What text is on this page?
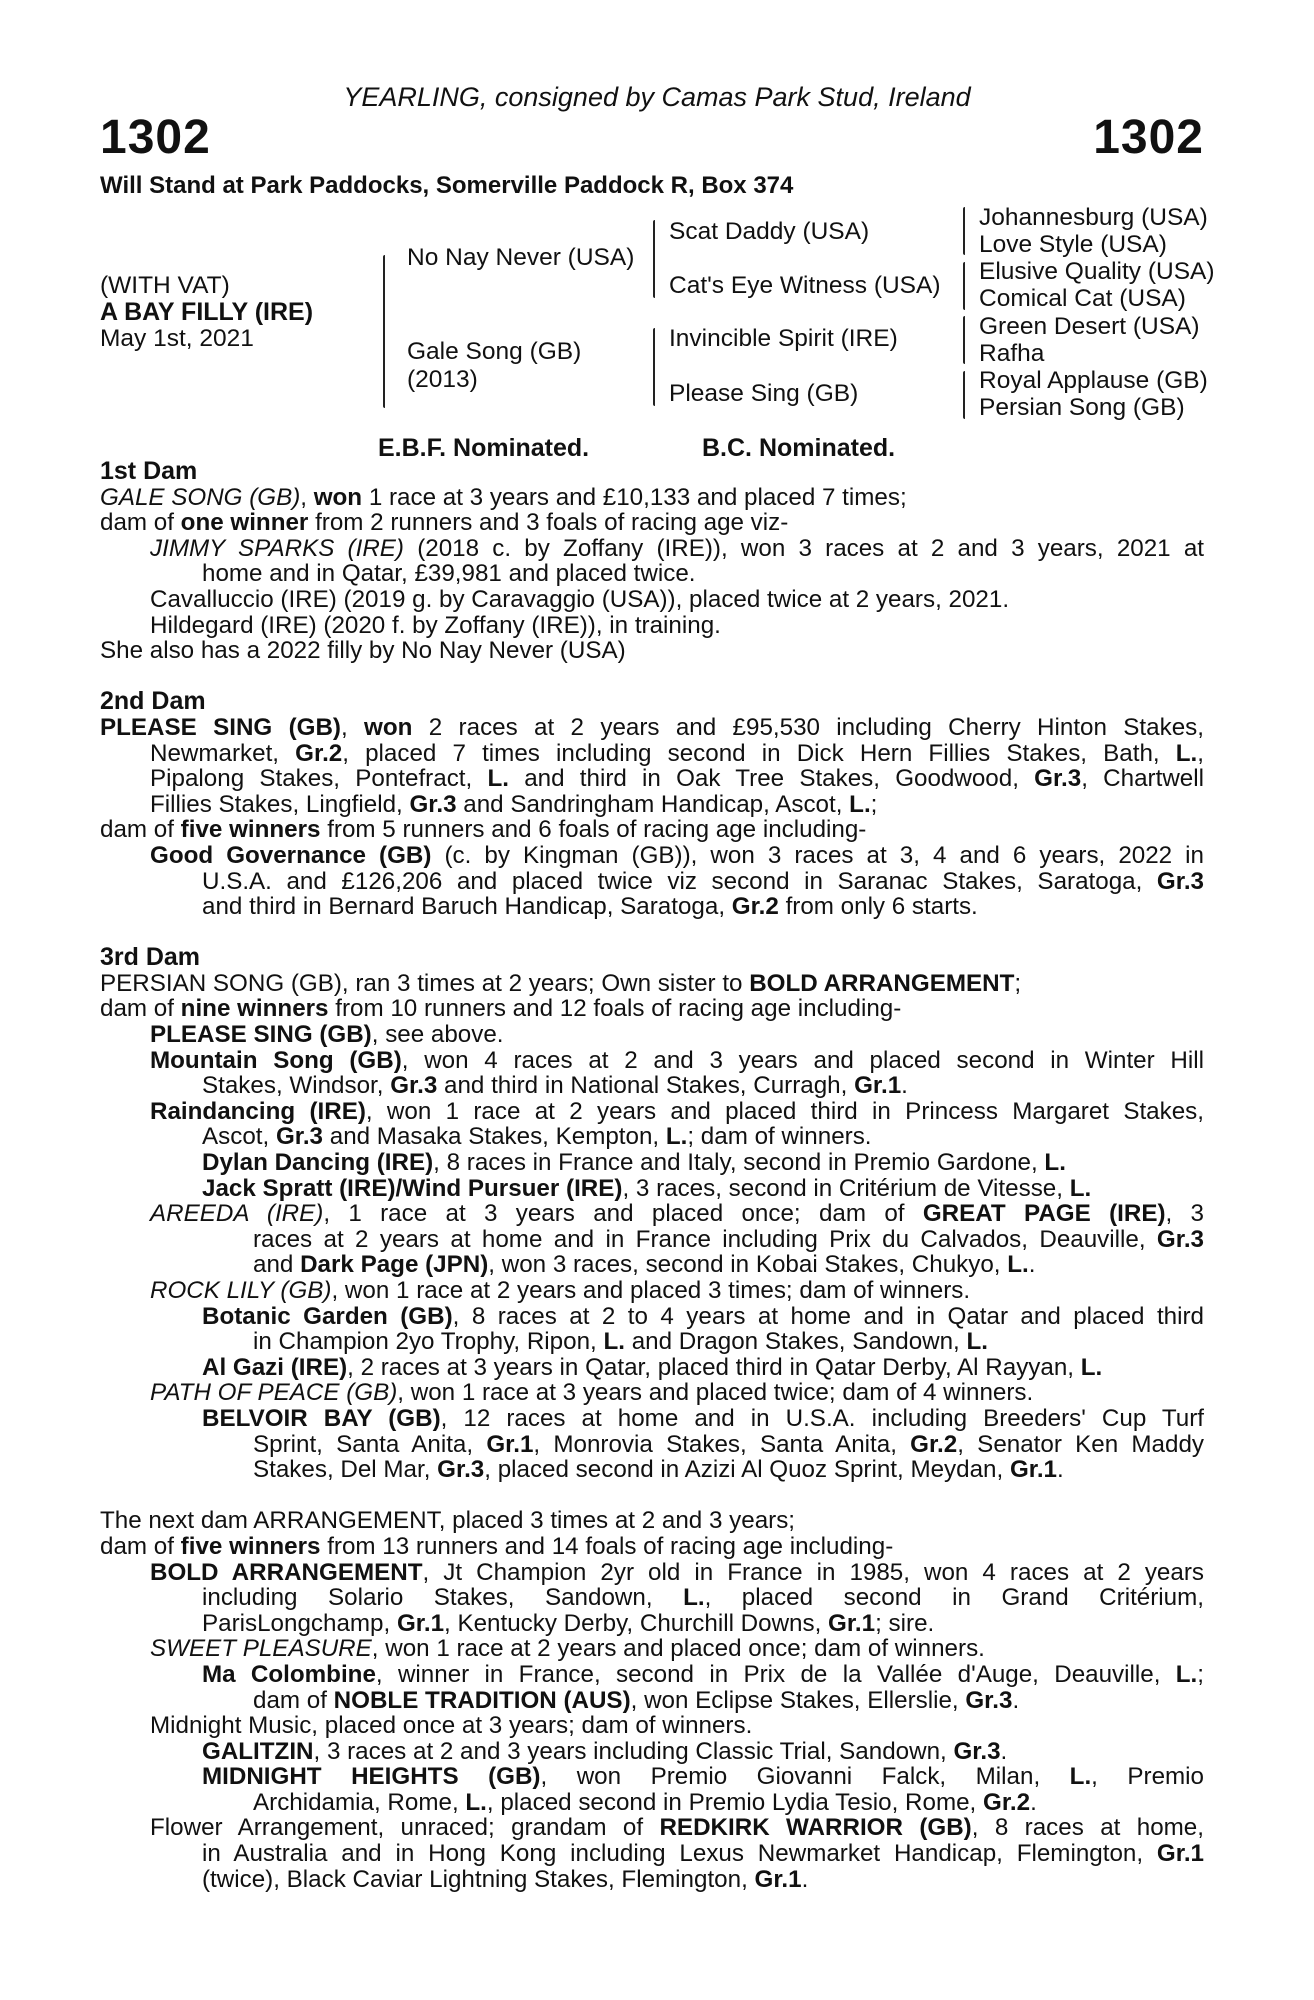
YEARLING, consigned by Camas Park Stud, Ireland
1302	1302
Will Stand at Park Paddocks, Somerville Paddock R, Box 374
(WITH VAT)
A BAY FILLY (IRE)
May 1st, 2021
No Nay Never (USA)
Gale Song (GB)
(2013)
Scat Daddy (USA)
Cat's Eye Witness (USA)
Invincible Spirit (IRE)
Please Sing (GB)
Johannesburg (USA)
Love Style (USA)
Elusive Quality (USA)
Comical Cat (USA)
Green Desert (USA)
Rafha
Royal Applause (GB)
Persian Song (GB)
E.B.F. Nominated.	B.C. Nominated.
1st Dam
GALE SONG (GB), won 1 race at 3 years and £10,133 and placed 7 times;
dam of one winner from 2 runners and 3 foals of racing age viz-
JIMMY SPARKS (IRE) (2018 c. by Zoffany (IRE)), won 3 races at 2 and 3 years, 2021 at
home and in Qatar, £39,981 and placed twice.
Cavalluccio (IRE) (2019 g. by Caravaggio (USA)), placed twice at 2 years, 2021.
Hildegard (IRE) (2020 f. by Zoffany (IRE)), in training.
She also has a 2022 filly by No Nay Never (USA)
2nd Dam
PLEASE SING (GB), won 2 races at 2 years and £95,530 including Cherry Hinton Stakes,
Newmarket, Gr.2, placed 7 times including second in Dick Hern Fillies Stakes, Bath, L.,
Pipalong Stakes, Pontefract, L. and third in Oak Tree Stakes, Goodwood, Gr.3, Chartwell
Fillies Stakes, Lingfield, Gr.3 and Sandringham Handicap, Ascot, L.;
dam of five winners from 5 runners and 6 foals of racing age including-
Good Governance (GB) (c. by Kingman (GB)), won 3 races at 3, 4 and 6 years, 2022 in
U.S.A. and £126,206 and placed twice viz second in Saranac Stakes, Saratoga, Gr.3
and third in Bernard Baruch Handicap, Saratoga, Gr.2 from only 6 starts.
3rd Dam
PERSIAN SONG (GB), ran 3 times at 2 years; Own sister to BOLD ARRANGEMENT;
dam of nine winners from 10 runners and 12 foals of racing age including-
PLEASE SING (GB), see above.
Mountain Song (GB), won 4 races at 2 and 3 years and placed second in Winter Hill
Stakes, Windsor, Gr.3 and third in National Stakes, Curragh, Gr.1.
Raindancing (IRE), won 1 race at 2 years and placed third in Princess Margaret Stakes,
Ascot, Gr.3 and Masaka Stakes, Kempton, L.; dam of winners.
Dylan Dancing (IRE), 8 races in France and Italy, second in Premio Gardone, L.
Jack Spratt (IRE)/Wind Pursuer (IRE), 3 races, second in Critérium de Vitesse, L.
AREEDA (IRE), 1 race at 3 years and placed once; dam of GREAT PAGE (IRE), 3
races at 2 years at home and in France including Prix du Calvados, Deauville, Gr.3
and Dark Page (JPN), won 3 races, second in Kobai Stakes, Chukyo, L..
ROCK LILY (GB), won 1 race at 2 years and placed 3 times; dam of winners.
Botanic Garden (GB), 8 races at 2 to 4 years at home and in Qatar and placed third
in Champion 2yo Trophy, Ripon, L. and Dragon Stakes, Sandown, L.
Al Gazi (IRE), 2 races at 3 years in Qatar, placed third in Qatar Derby, Al Rayyan, L.
PATH OF PEACE (GB), won 1 race at 3 years and placed twice; dam of 4 winners.
BELVOIR BAY (GB), 12 races at home and in U.S.A. including Breeders' Cup Turf
Sprint, Santa Anita, Gr.1, Monrovia Stakes, Santa Anita, Gr.2, Senator Ken Maddy
Stakes, Del Mar, Gr.3, placed second in Azizi Al Quoz Sprint, Meydan, Gr.1.
The next dam ARRANGEMENT, placed 3 times at 2 and 3 years;
dam of five winners from 13 runners and 14 foals of racing age including-
BOLD ARRANGEMENT, Jt Champion 2yr old in France in 1985, won 4 races at 2 years
including Solario Stakes, Sandown, L., placed second in Grand Critérium,
ParisLongchamp, Gr.1, Kentucky Derby, Churchill Downs, Gr.1; sire.
SWEET PLEASURE, won 1 race at 2 years and placed once; dam of winners.
Ma Colombine, winner in France, second in Prix de la Vallée d'Auge, Deauville, L.;
dam of NOBLE TRADITION (AUS), won Eclipse Stakes, Ellerslie, Gr.3.
Midnight Music, placed once at 3 years; dam of winners.
GALITZIN, 3 races at 2 and 3 years including Classic Trial, Sandown, Gr.3.
MIDNIGHT HEIGHTS (GB), won Premio Giovanni Falck, Milan, L., Premio
Archidamia, Rome, L., placed second in Premio Lydia Tesio, Rome, Gr.2.
Flower Arrangement, unraced; grandam of REDKIRK WARRIOR (GB), 8 races at home,
in Australia and in Hong Kong including Lexus Newmarket Handicap, Flemington, Gr.1
(twice), Black Caviar Lightning Stakes, Flemington, Gr.1.
